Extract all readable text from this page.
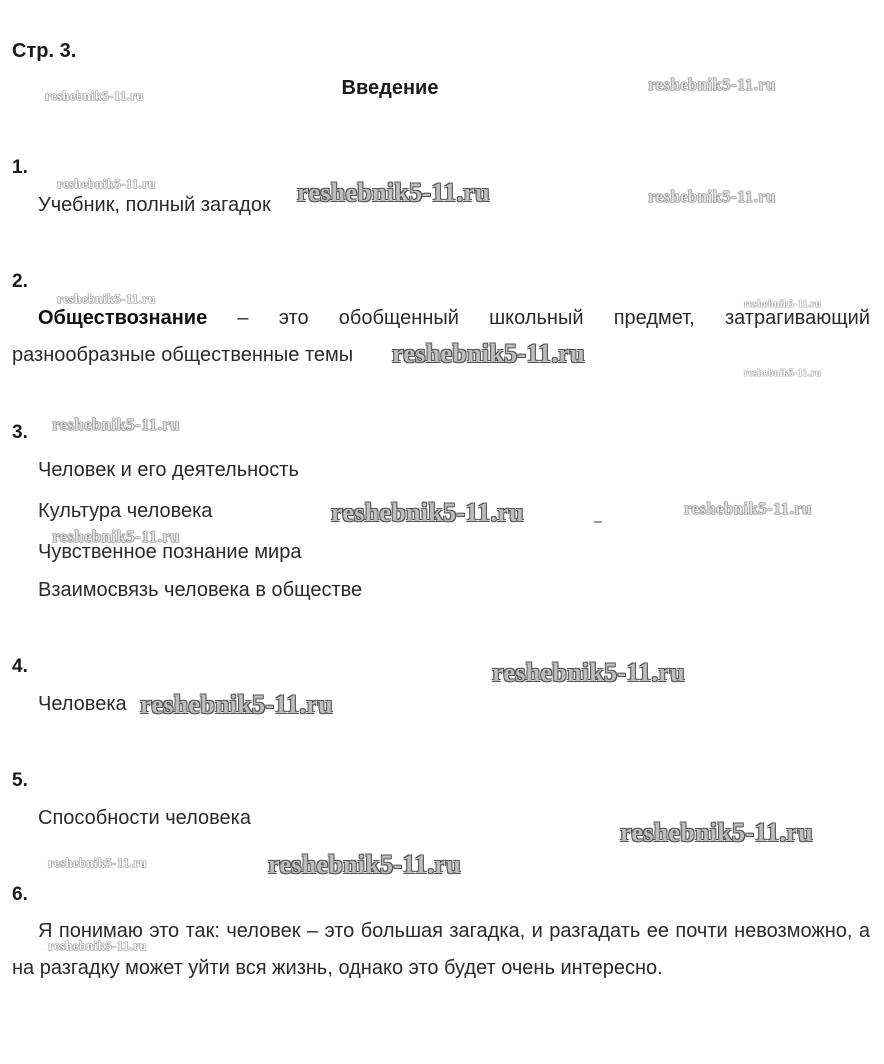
Стр. 3.
Введение
1.
Учебник, полный загадок
2.
Обществознание – это обобщенный школьный предмет, затрагивающий разнообразные общественные темы
3.
Человек и его деятельность
Культура человека
Чувственное познание мира
Взаимосвязь человека в обществе
4.
Человека
5.
Способности человека
6.
Я понимаю это так: человек – это большая загадка, и разгадать ее почти невозможно, а на разгадку может уйти вся жизнь, однако это будет очень интересно.
reshebnik5-11.ru
reshebnik5-11.ru
reshebnik5-11.ru	reshebnik5-11.ru	reshebnik5-11.ru
reshebnik5-11.ru	reshebnik5-11.ru
reshebnik5-11.ru
reshebnik5-11.ru
reshebnik5-11.ru
reshebnik5-11.ru	reshebnik5-11.ru
reshebnik5-11.ru
reshebnik5-11.ru
reshebnik5-11.ru
reshebnik5-11.ru
reshebnik5-11.ru	reshebnik5-11.ru
reshebnik5-11.ru
